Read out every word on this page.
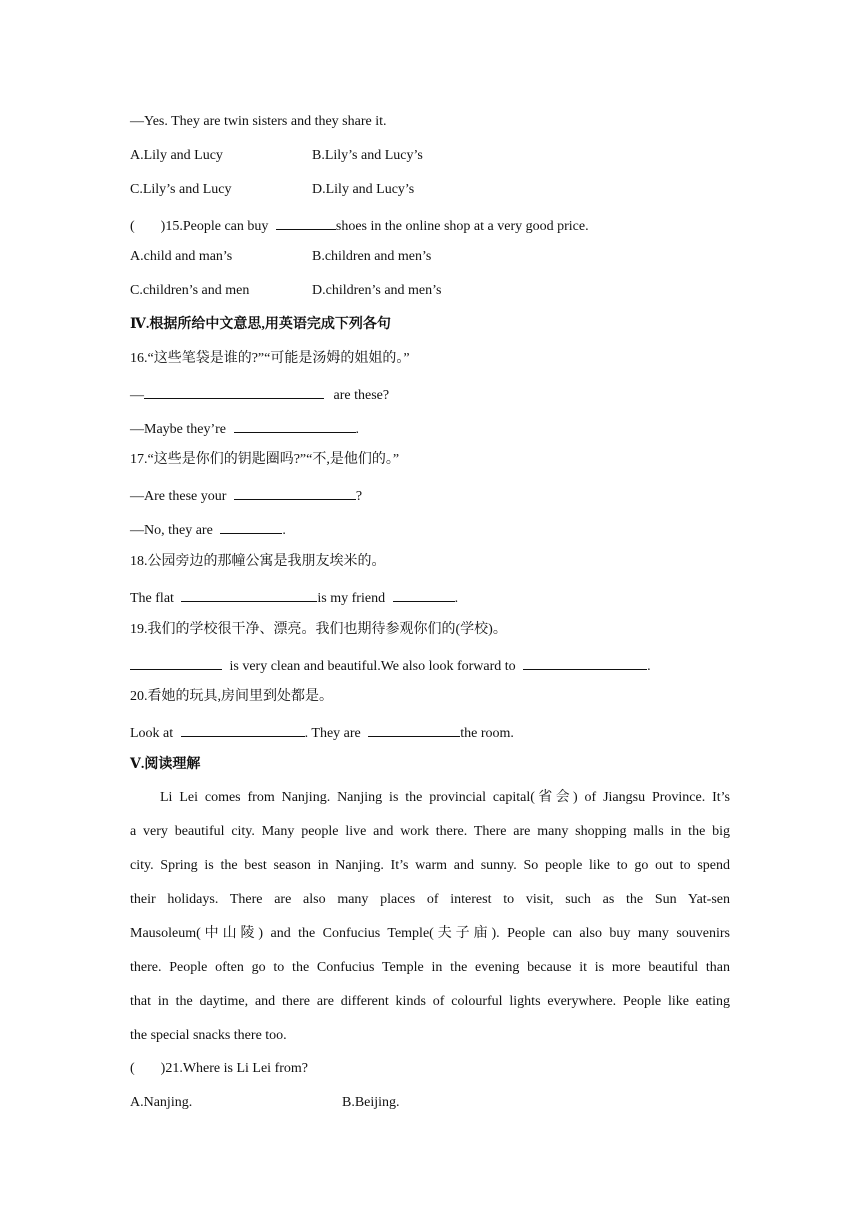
—Yes. They are twin sisters and they share it.
A.Lily and Lucy	B.Lily’s and Lucy’s
C.Lily’s and Lucy	D.Lily and Lucy’s
( )15.People can buy	shoes in the online shop at a very good price.
A.child and man’s	B.children and men’s
C.children’s and men	D.children’s and men’s
Ⅳ.根据所给中文意思,用英语完成下列各句
16.“这些笔袋是谁的?”“可能是汤姆的姐姐的。”
—	are these?
—Maybe they’re	.
17.“这些是你们的钥匙圈吗?”“不,是他们的。”
—Are these your	?
—No, they are	.
18.公园旁边的那幢公寓是我朋友埃米的。
The flat	is my friend	.
19.我们的学校很干净、漂亮。我们也期待参观你们的(学校)。
is very clean and beautiful.We also look forward to	.
20.看她的玩具,房间里到处都是。
Look at	. They are	the room.
Ⅴ.阅读理解
Li Lei comes from Nanjing. Nanjing is the provincial capital(省会) of Jiangsu Province. It’s
a very beautiful city. Many people live and work there. There are many shopping malls in the big
city. Spring is the best season in Nanjing. It’s warm and sunny. So people like to go out to spend
their holidays. There are also many places of interest to visit, such as the Sun Yat-sen
Mausoleum(中山陵) and the Confucius Temple(夫子庙). People can also buy many souvenirs
there. People often go to the Confucius Temple in the evening because it is more beautiful than
that in the daytime, and there are different kinds of colourful lights everywhere. People like eating
the special snacks there too.
( )21.Where is Li Lei from?
A.Nanjing.	B.Beijing.
